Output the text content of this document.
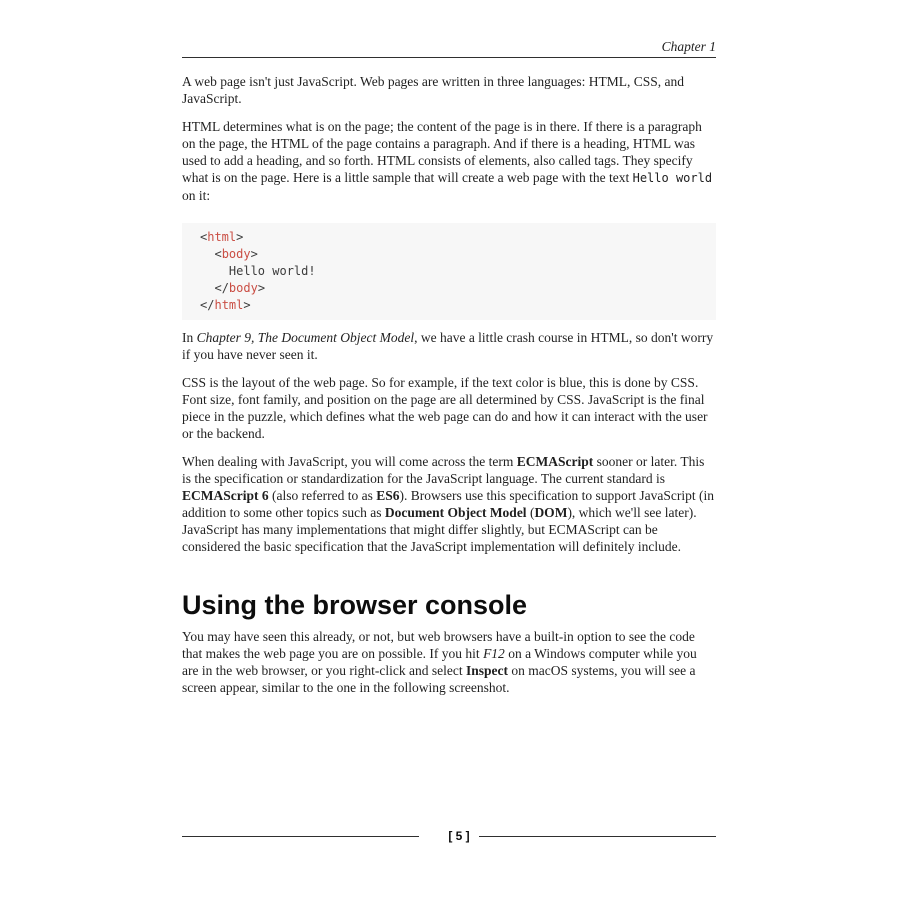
Chapter 1

A web page isn't just JavaScript. Web pages are written in three languages: HTML, CSS, and JavaScript.

HTML determines what is on the page; the content of the page is in there. If there is a paragraph on the page, the HTML of the page contains a paragraph. And if there is a heading, HTML was used to add a heading, and so forth. HTML consists of elements, also called tags. They specify what is on the page. Here is a little sample that will create a web page with the text Hello world on it:

<html>
<body>
Hello world!
</body>
</html>

In Chapter 9, The Document Object Model, we have a little crash course in HTML, so don't worry if you have never seen it.

CSS is the layout of the web page. So for example, if the text color is blue, this is done by CSS. Font size, font family, and position on the page are all determined by CSS. JavaScript is the final piece in the puzzle, which defines what the web page can do and how it can interact with the user or the backend.

When dealing with JavaScript, you will come across the term ECMAScript sooner or later. This is the specification or standardization for the JavaScript language. The current standard is ECMAScript 6 (also referred to as ES6). Browsers use this specification to support JavaScript (in addition to some other topics such as Document Object Model (DOM), which we'll see later). JavaScript has many implementations that might differ slightly, but ECMAScript can be considered the basic specification that the JavaScript implementation will definitely include.

Using the browser console

You may have seen this already, or not, but web browsers have a built-in option to see the code that makes the web page you are on possible. If you hit F12 on a Windows computer while you are in the web browser, or you right-click and select Inspect on macOS systems, you will see a screen appear, similar to the one in the following screenshot.

[ 5 ]
